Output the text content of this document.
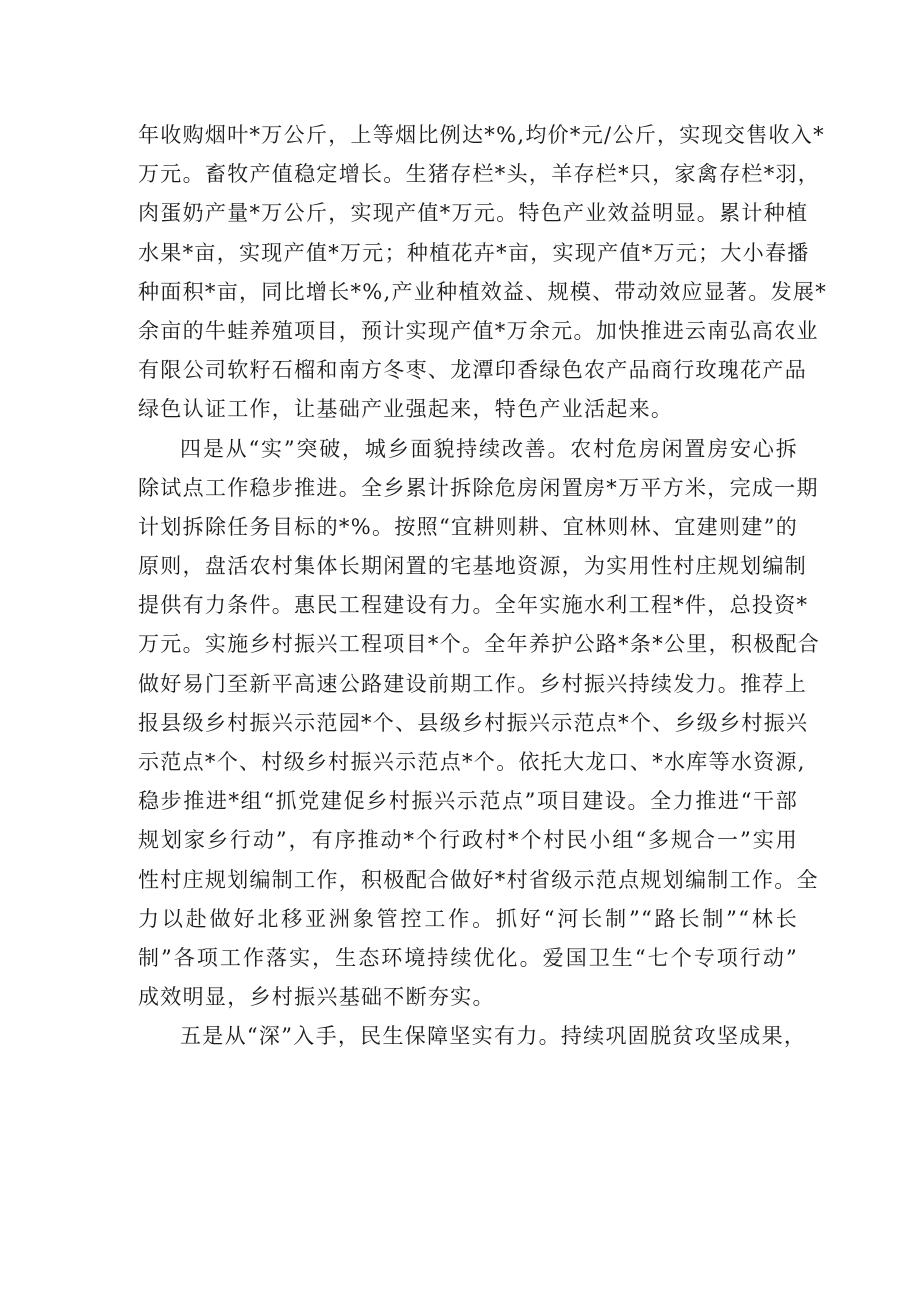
年收购烟叶*万公斤，上等烟比例达*%,均价*元/公斤，实现交售收入*
万元。畜牧产值稳定增长。生猪存栏*头，羊存栏*只，家禽存栏*羽，
肉蛋奶产量*万公斤，实现产值*万元。特色产业效益明显。累计种植
水果*亩，实现产值*万元；种植花卉*亩，实现产值*万元；大小春播
种面积*亩，同比增长*%,产业种植效益、规模、带动效应显著。发展*
余亩的牛蛙养殖项目，预计实现产值*万余元。加快推进云南弘高农业
有限公司软籽石榴和南方冬枣、龙潭印香绿色农产品商行玫瑰花产品
绿色认证工作，让基础产业强起来，特色产业活起来。
四是从“实”突破，城乡面貌持续改善。农村危房闲置房安心拆
除试点工作稳步推进。全乡累计拆除危房闲置房*万平方米，完成一期
计划拆除任务目标的*%。按照“宜耕则耕、宜林则林、宜建则建”的
原则，盘活农村集体长期闲置的宅基地资源，为实用性村庄规划编制
提供有力条件。惠民工程建设有力。全年实施水利工程*件，总投资*
万元。实施乡村振兴工程项目*个。全年养护公路*条*公里，积极配合
做好易门至新平高速公路建设前期工作。乡村振兴持续发力。推荐上
报县级乡村振兴示范园*个、县级乡村振兴示范点*个、乡级乡村振兴
示范点*个、村级乡村振兴示范点*个。依托大龙口、*水库等水资源,
稳步推进*组“抓党建促乡村振兴示范点”项目建设。全力推进“干部
规划家乡行动”，有序推动*个行政村*个村民小组“多规合一”实用
性村庄规划编制工作，积极配合做好*村省级示范点规划编制工作。全
力以赴做好北移亚洲象管控工作。抓好“河长制”“路长制”“林长
制”各项工作落实，生态环境持续优化。爱国卫生“七个专项行动”
成效明显，乡村振兴基础不断夯实。
五是从“深”入手，民生保障坚实有力。持续巩固脱贫攻坚成果，
